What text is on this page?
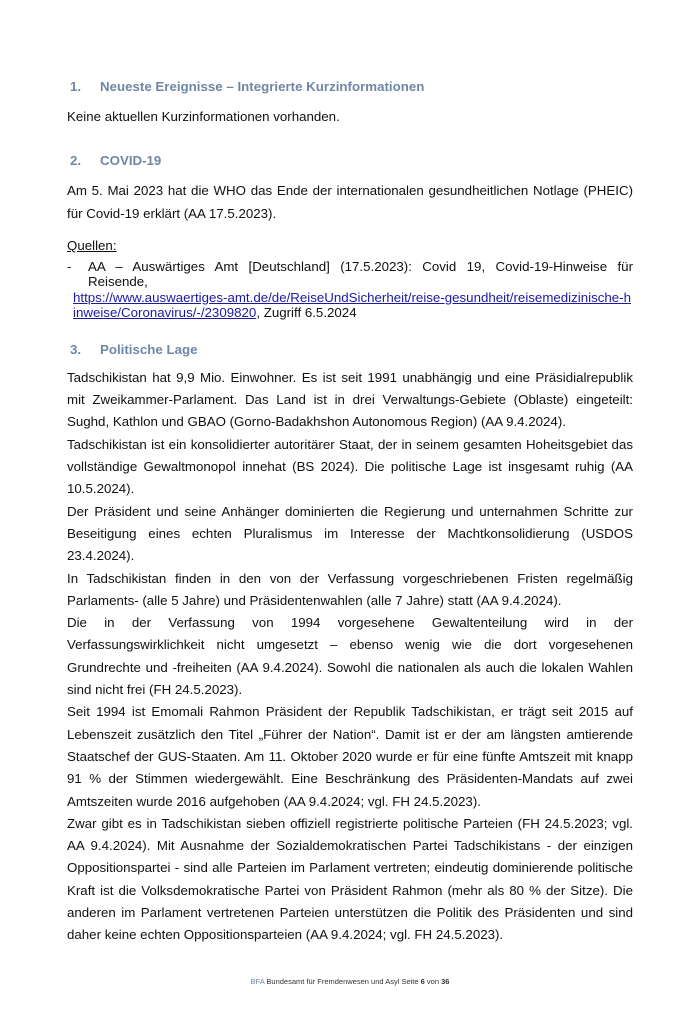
1.	Neueste Ereignisse – Integrierte Kurzinformationen

Keine aktuellen Kurzinformationen vorhanden.

2.	COVID-19

Am 5. Mai 2023 hat die WHO das Ende der internationalen gesundheitlichen Notlage (PHEIC) für Covid-19 erklärt (AA 17.5.2023).

Quellen:
-	AA – Auswärtiges Amt [Deutschland] (17.5.2023): Covid 19, Covid-19-Hinweise für Reisende,
https://www.auswaertiges-amt.de/de/ReiseUndSicherheit/reise-gesundheit/reisemedizinische-hinweise/Coronavirus/-/2309820, Zugriff 6.5.2024
3.	Politische Lage

Tadschikistan hat 9,9 Mio. Einwohner. Es ist seit 1991 unabhängig und eine Präsidialrepublik mit Zweikammer-Parlament. Das Land ist in drei Verwaltungs-Gebiete (Oblaste) eingeteilt: Sughd, Kathlon und GBAO (Gorno-Badakhshon Autonomous Region) (AA 9.4.2024).

Tadschikistan ist ein konsolidierter autoritärer Staat, der in seinem gesamten Hoheitsgebiet das vollständige Gewaltmonopol innehat (BS 2024). Die politische Lage ist insgesamt ruhig (AA 10.5.2024).

Der Präsident und seine Anhänger dominierten die Regierung und unternahmen Schritte zur Beseitigung eines echten Pluralismus im Interesse der Machtkonsolidierung (USDOS 23.4.2024).

In Tadschikistan finden in den von der Verfassung vorgeschriebenen Fristen regelmäßig Parlaments- (alle 5 Jahre) und Präsidentenwahlen (alle 7 Jahre) statt (AA 9.4.2024).

Die in der Verfassung von 1994 vorgesehene Gewaltenteilung wird in der Verfassungswirklichkeit nicht umgesetzt – ebenso wenig wie die dort vorgesehenen Grundrechte und -freiheiten (AA 9.4.2024). Sowohl die nationalen als auch die lokalen Wahlen sind nicht frei (FH 24.5.2023).

Seit 1994 ist Emomali Rahmon Präsident der Republik Tadschikistan, er trägt seit 2015 auf Lebenszeit zusätzlich den Titel „Führer der Nation“. Damit ist er der am längsten amtierende Staatschef der GUS-Staaten. Am 11. Oktober 2020 wurde er für eine fünfte Amtszeit mit knapp 91 % der Stimmen wiedergewählt. Eine Beschränkung des Präsidenten-Mandats auf zwei Amtszeiten wurde 2016 aufgehoben (AA 9.4.2024; vgl. FH 24.5.2023).

Zwar gibt es in Tadschikistan sieben offiziell registrierte politische Parteien (FH 24.5.2023; vgl. AA 9.4.2024). Mit Ausnahme der Sozialdemokratischen Partei Tadschikistans - der einzigen Oppositionspartei - sind alle Parteien im Parlament vertreten; eindeutig dominierende politische Kraft ist die Volksdemokratische Partei von Präsident Rahmon (mehr als 80 % der Sitze). Die anderen im Parlament vertretenen Parteien unterstützen die Politik des Präsidenten und sind daher keine echten Oppositionsparteien (AA 9.4.2024; vgl. FH 24.5.2023).

BFA Bundesamt für Fremdenwesen und Asyl Seite 6 von 36
